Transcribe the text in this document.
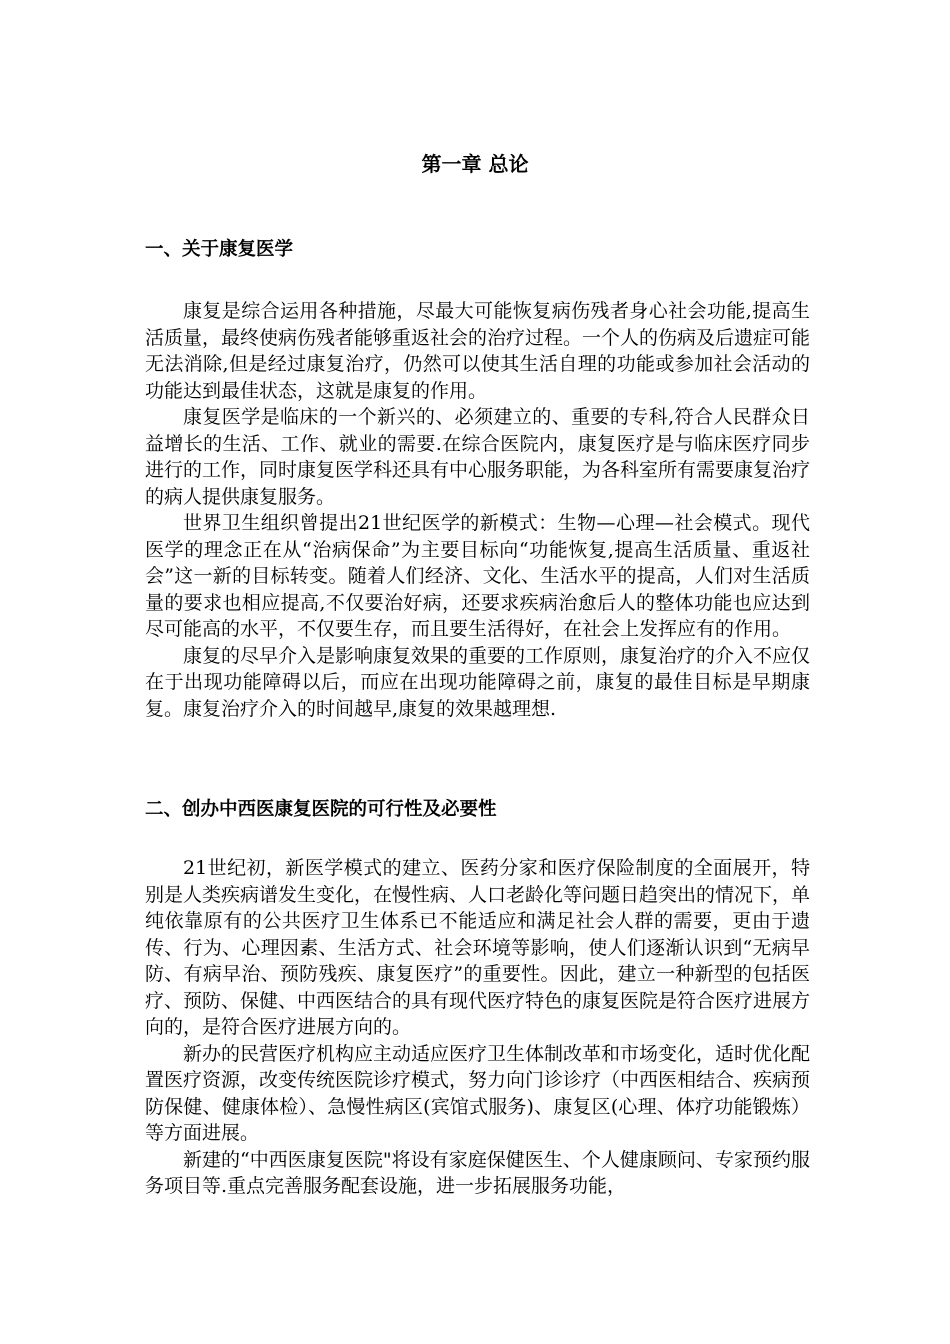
第一章 总论
一、关于康复医学

康复是综合运用各种措施，尽最大可能恢复病伤残者身心社会功能,提高生活质量，最终使病伤残者能够重返社会的治疗过程。一个人的伤病及后遗症可能无法消除,但是经过康复治疗，仍然可以使其生活自理的功能或参加社会活动的功能达到最佳状态，这就是康复的作用。

康复医学是临床的一个新兴的、必须建立的、重要的专科,符合人民群众日益增长的生活、工作、就业的需要.在综合医院内，康复医疗是与临床医疗同步进行的工作，同时康复医学科还具有中心服务职能，为各科室所有需要康复治疗的病人提供康复服务。

世界卫生组织曾提出21世纪医学的新模式：生物—心理—社会模式。现代医学的理念正在从“治病保命”为主要目标向“功能恢复,提高生活质量、重返社会”这一新的目标转变。随着人们经济、文化、生活水平的提高，人们对生活质量的要求也相应提高,不仅要治好病，还要求疾病治愈后人的整体功能也应达到尽可能高的水平，不仅要生存，而且要生活得好，在社会上发挥应有的作用。

康复的尽早介入是影响康复效果的重要的工作原则，康复治疗的介入不应仅在于出现功能障碍以后，而应在出现功能障碍之前，康复的最佳目标是早期康复。康复治疗介入的时间越早,康复的效果越理想.

二、创办中西医康复医院的可行性及必要性

21世纪初，新医学模式的建立、医药分家和医疗保险制度的全面展开，特别是人类疾病谱发生变化，在慢性病、人口老龄化等问题日趋突出的情况下，单纯依靠原有的公共医疗卫生体系已不能适应和满足社会人群的需要，更由于遗传、行为、心理因素、生活方式、社会环境等影响，使人们逐渐认识到“无病早防、有病早治、预防残疾、康复医疗”的重要性。因此，建立一种新型的包括医疗、预防、保健、中西医结合的具有现代医疗特色的康复医院是符合医疗进展方向的，是符合医疗进展方向的。

新办的民营医疗机构应主动适应医疗卫生体制改革和市场变化，适时优化配置医疗资源，改变传统医院诊疗模式，努力向门诊诊疗（中西医相结合、疾病预防保健、健康体检）、急慢性病区(宾馆式服务)、康复区(心理、体疗功能锻炼）等方面进展。

新建的“中西医康复医院"将设有家庭保健医生、个人健康顾问、专家预约服务项目等.重点完善服务配套设施，进一步拓展服务功能，
